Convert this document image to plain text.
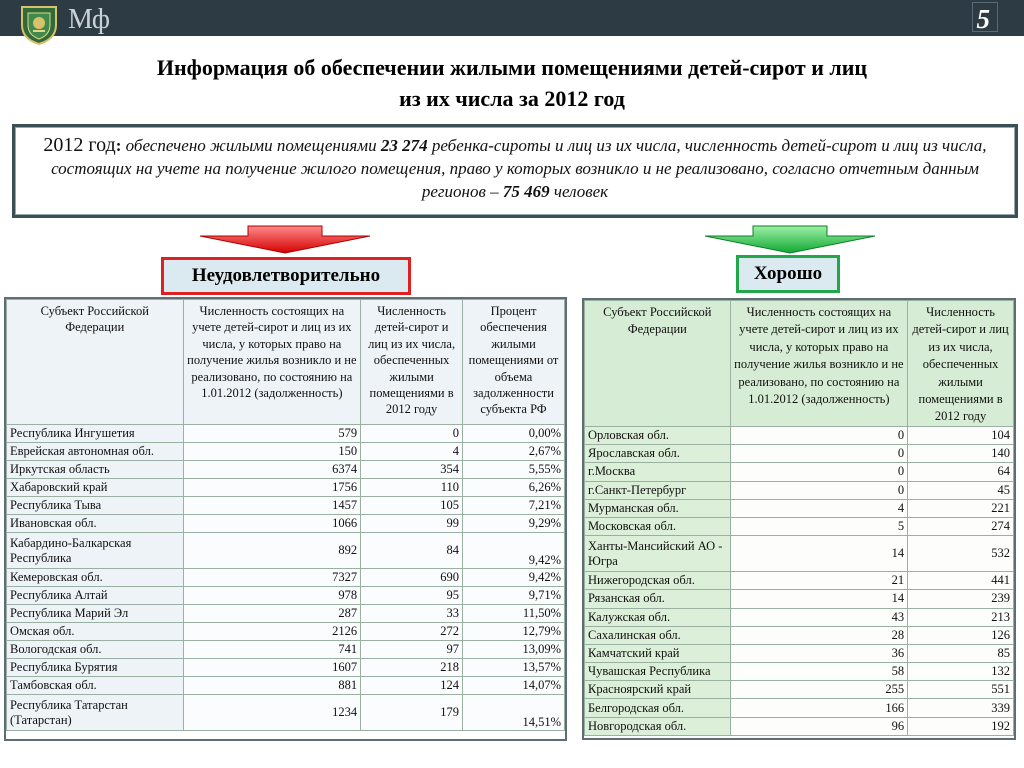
Мф	5
Информация об обеспечении жилыми помещениями детей-сирот и лиц
из их числа за 2012 год
2012 год: обеспечено жилыми помещениями 23 274 ребенка-сироты и лиц из их числа, численность детей-сирот и лиц из числа, состоящих на учете на получение жилого помещения, право у которых возникло и не реализовано, согласно отчетным данным регионов – 75 469 человек
Неудовлетворительно	Хорошо
Субъект Российской Федерации	Численность состоящих на учете детей-сирот и лиц из их числа, у которых право на получение жилья возникло и не реализовано, по состоянию на 1.01.2012 (задолженность)	Численность детей-сирот и лиц из их числа, обеспеченных жилыми помещениями в 2012 году	Процент обеспечения жилыми помещениями от объема задолженности субъекта РФ
Республика Ингушетия	579	0	0,00%
Еврейская автономная обл.	150	4	2,67%
Иркутская область	6374	354	5,55%
Хабаровский край	1756	110	6,26%
Республика Тыва	1457	105	7,21%
Ивановская обл.	1066	99	9,29%
Кабардино-Балкарская Республика	892	84	9,42%
Кемеровская обл.	7327	690	9,42%
Республика Алтай	978	95	9,71%
Республика Марий Эл	287	33	11,50%
Омская обл.	2126	272	12,79%
Вологодская обл.	741	97	13,09%
Республика Бурятия	1607	218	13,57%
Тамбовская обл.	881	124	14,07%
Республика Татарстан (Татарстан)	1234	179	14,51%
Субъект Российской Федерации	Численность состоящих на учете детей-сирот и лиц из их числа, у которых право на получение жилья возникло и не реализовано, по состоянию на 1.01.2012 (задолженность)	Численность детей-сирот и лиц из их числа, обеспеченных жилыми помещениями в 2012 году
Орловская обл.	0	104
Ярославская обл.	0	140
г.Москва	0	64
г.Санкт-Петербург	0	45
Мурманская обл.	4	221
Московская обл.	5	274
Ханты-Мансийский АО - Югра	14	532
Нижегородская обл.	21	441
Рязанская обл.	14	239
Калужская обл.	43	213
Сахалинская обл.	28	126
Камчатский край	36	85
Чувашская Республика	58	132
Красноярский край	255	551
Белгородская обл.	166	339
Новгородская обл.	96	192
